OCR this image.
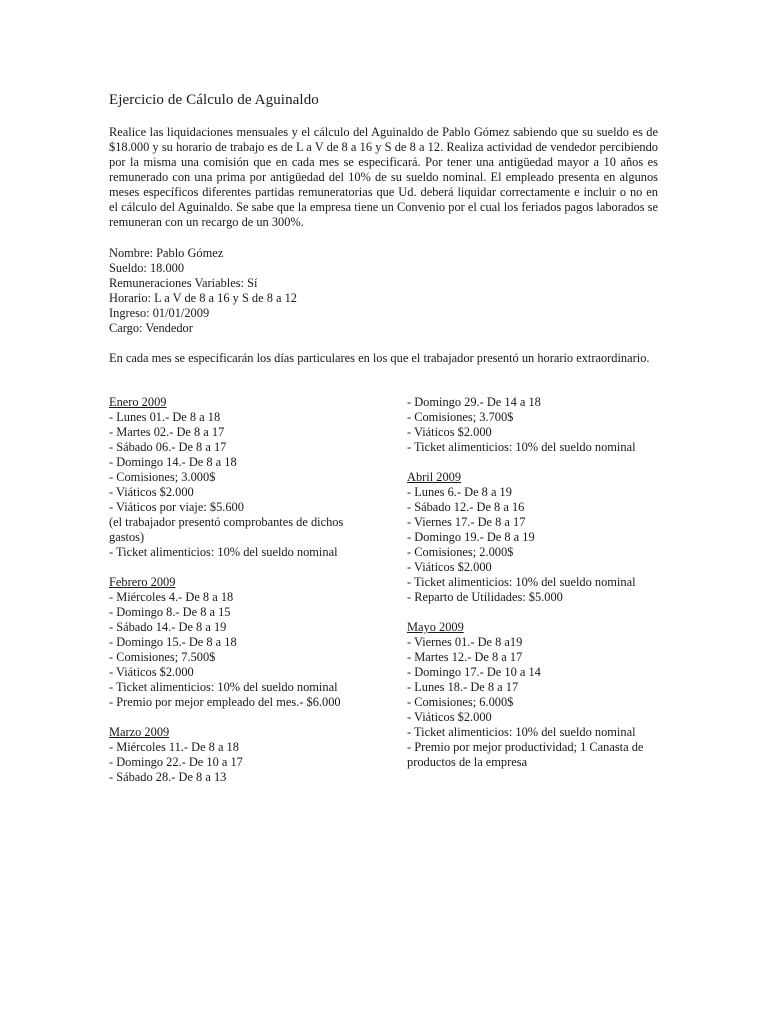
Ejercicio de Cálculo de Aguinaldo
Realice las liquidaciones mensuales y el cálculo del Aguinaldo de Pablo Gómez sabiendo que su sueldo es de $18.000 y su horario de trabajo es de L a V de 8 a 16 y S de 8 a 12. Realiza actividad de vendedor percibiendo por la misma una comisión que en cada mes se especificará. Por tener una antigüedad mayor a 10 años es remunerado con una prima por antigüedad del 10% de su sueldo nominal. El empleado presenta en algunos meses específicos diferentes partidas remuneratorias que Ud. deberá liquidar correctamente e incluir o no en el cálculo del Aguinaldo. Se sabe que la empresa tiene un Convenio por el cual los feriados pagos laborados se remuneran con un recargo de un 300%.
Nombre: Pablo Gómez
Sueldo: 18.000
Remuneraciones Variables: Sí
Horario: L a V de 8 a 16 y S de 8 a 12
Ingreso: 01/01/2009
Cargo: Vendedor
En cada mes se especificarán los días particulares en los que el trabajador presentó un horario extraordinario.
Enero 2009
- Lunes 01.- De 8 a 18
- Martes 02.- De 8 a 17
- Sábado 06.- De 8 a 17
- Domingo 14.- De 8 a 18
- Comisiones; 3.000$
- Viáticos $2.000
- Viáticos por viaje: $5.600
(el trabajador presentó comprobantes de dichos gastos)
- Ticket alimenticios: 10% del sueldo nominal
Febrero 2009
- Miércoles 4.- De 8 a 18
- Domingo 8.- De 8 a 15
- Sábado 14.- De 8 a 19
- Domingo 15.- De 8 a 18
- Comisiones; 7.500$
- Viáticos $2.000
- Ticket alimenticios: 10% del sueldo nominal
- Premio por mejor empleado del mes.- $6.000
Marzo 2009
- Miércoles 11.- De 8 a 18
- Domingo 22.- De 10 a 17
- Sábado 28.- De 8 a 13
- Domingo 29.- De 14 a 18
- Comisiones; 3.700$
- Viáticos $2.000
- Ticket alimenticios: 10% del sueldo nominal
Abril 2009
- Lunes 6.- De 8 a 19
- Sábado 12.- De 8 a 16
- Viernes 17.- De 8 a 17
- Domingo 19.- De 8 a 19
- Comisiones; 2.000$
- Viáticos $2.000
- Ticket alimenticios: 10% del sueldo nominal
- Reparto de Utilidades: $5.000
Mayo 2009
- Viernes 01.- De 8 a19
- Martes 12.- De 8 a 17
- Domingo 17.- De 10 a 14
- Lunes 18.- De 8 a 17
- Comisiones; 6.000$
- Viáticos $2.000
- Ticket alimenticios: 10% del sueldo nominal
- Premio por mejor productividad; 1 Canasta de productos de la empresa
